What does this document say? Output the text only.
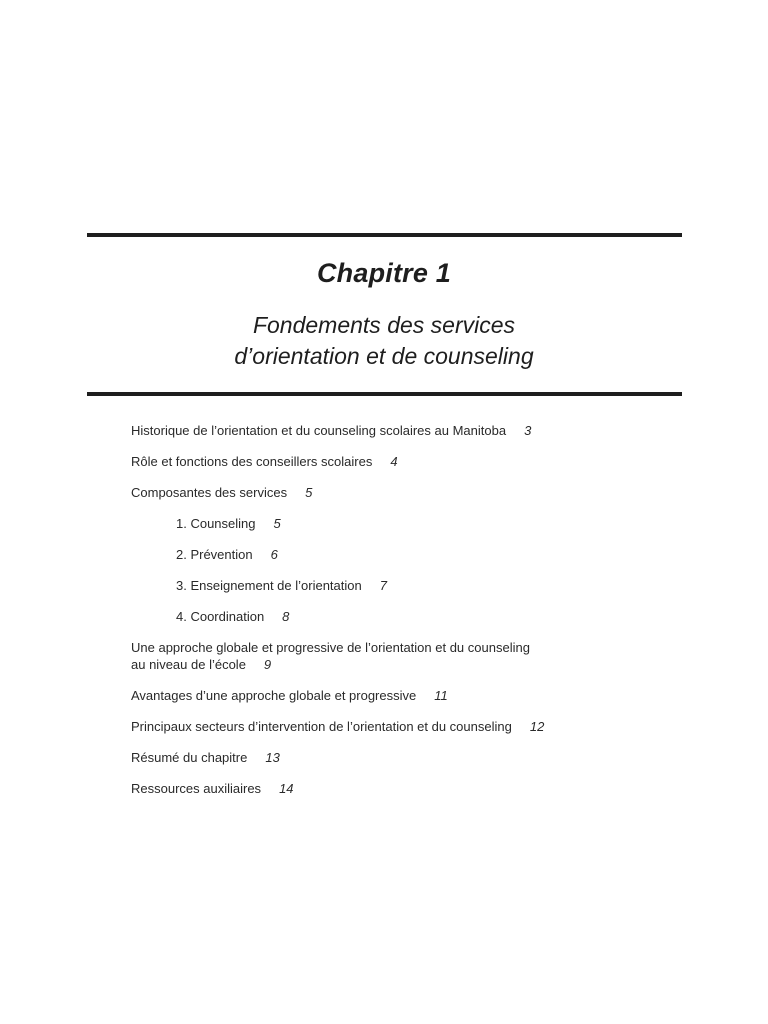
Chapitre 1
Fondements des services
d’orientation et de counseling
Historique de l’orientation et du counseling scolaires au Manitoba 3
Rôle et fonctions des conseillers scolaires 4
Composantes des services 5
1. Counseling 5
2. Prévention 6
3. Enseignement de l’orientation 7
4. Coordination 8
Une approche globale et progressive de l’orientation et du counseling
au niveau de l’école 9
Avantages d’une approche globale et progressive 11
Principaux secteurs d’intervention de l’orientation et du counseling 12
Résumé du chapitre 13
Ressources auxiliaires 14
